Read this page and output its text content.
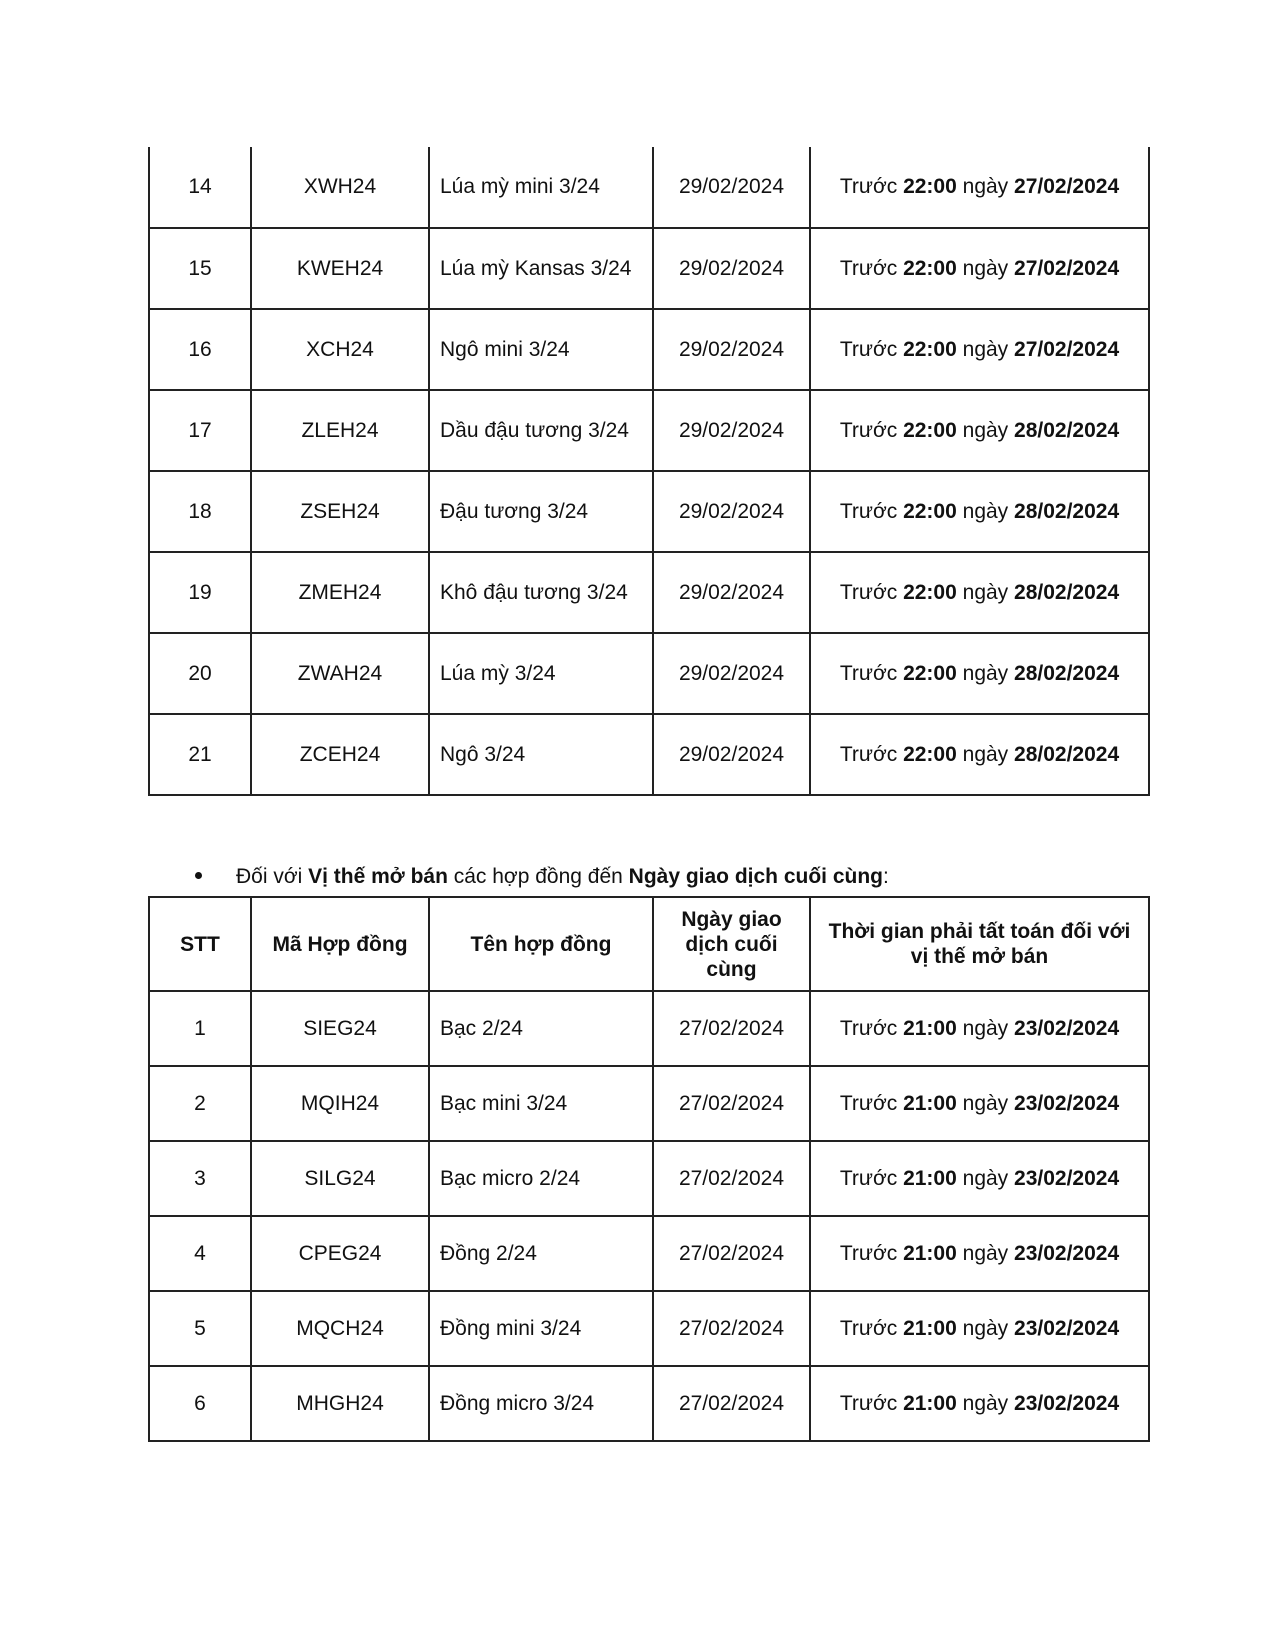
14	XWH24	Lúa mỳ mini 3/24	29/02/2024	Trước 22:00 ngày 27/02/2024
15	KWEH24	Lúa mỳ Kansas 3/24	29/02/2024	Trước 22:00 ngày 27/02/2024
16	XCH24	Ngô mini 3/24	29/02/2024	Trước 22:00 ngày 27/02/2024
17	ZLEH24	Dầu đậu tương 3/24	29/02/2024	Trước 22:00 ngày 28/02/2024
18	ZSEH24	Đậu tương 3/24	29/02/2024	Trước 22:00 ngày 28/02/2024
19	ZMEH24	Khô đậu tương 3/24	29/02/2024	Trước 22:00 ngày 28/02/2024
20	ZWAH24	Lúa mỳ 3/24	29/02/2024	Trước 22:00 ngày 28/02/2024
21	ZCEH24	Ngô 3/24	29/02/2024	Trước 22:00 ngày 28/02/2024
Đối với Vị thế mở bán các hợp đồng đến Ngày giao dịch cuối cùng:
STT	Mã Hợp đồng	Tên hợp đồng	Ngày giao dịch cuối cùng	Thời gian phải tất toán đối với vị thế mở bán
1	SIEG24	Bạc 2/24	27/02/2024	Trước 21:00 ngày 23/02/2024
2	MQIH24	Bạc mini 3/24	27/02/2024	Trước 21:00 ngày 23/02/2024
3	SILG24	Bạc micro 2/24	27/02/2024	Trước 21:00 ngày 23/02/2024
4	CPEG24	Đồng 2/24	27/02/2024	Trước 21:00 ngày 23/02/2024
5	MQCH24	Đồng mini 3/24	27/02/2024	Trước 21:00 ngày 23/02/2024
6	MHGH24	Đồng micro 3/24	27/02/2024	Trước 21:00 ngày 23/02/2024
